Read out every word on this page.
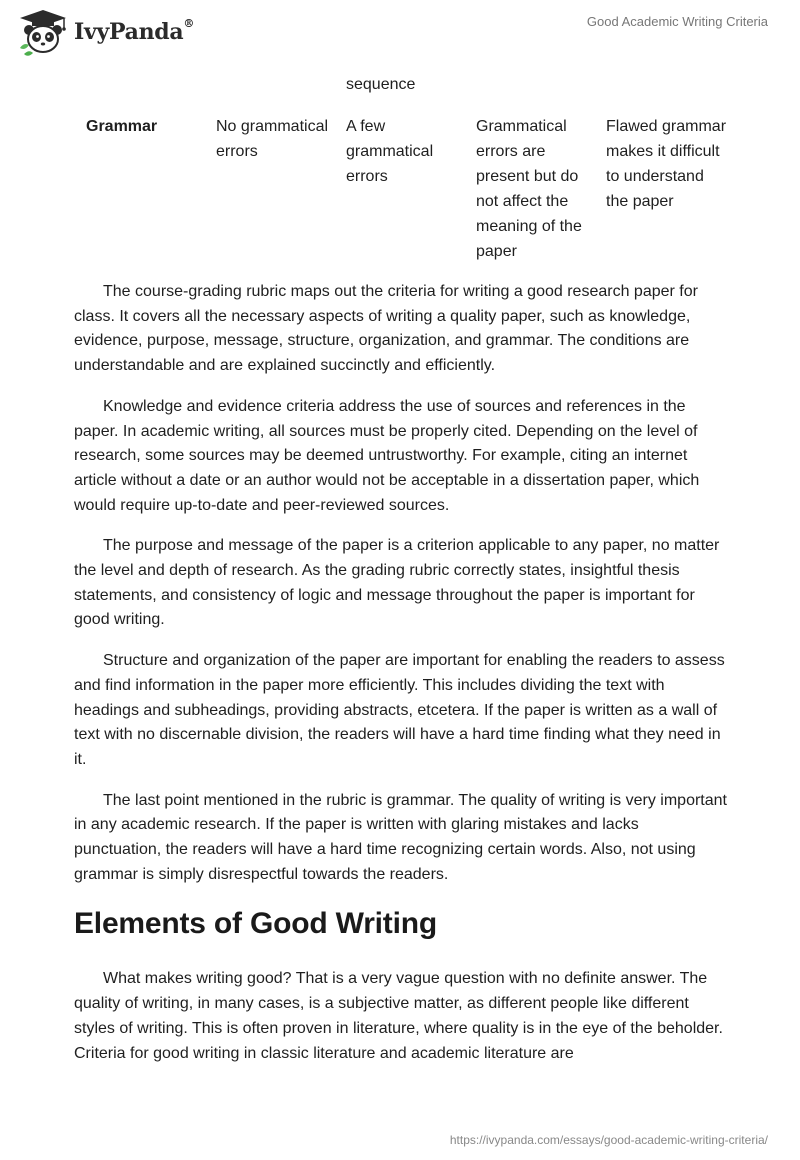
IvyPanda®	Good Academic Writing Criteria
sequence
Grammar	No grammatical errors
A few grammatical errors
Grammatical errors are present but do not affect the meaning of the paper
Flawed grammar makes it difficult to understand the paper

The course-grading rubric maps out the criteria for writing a good research paper for class. It covers all the necessary aspects of writing a quality paper, such as knowledge, evidence, purpose, message, structure, organization, and grammar. The conditions are understandable and are explained succinctly and efficiently.

Knowledge and evidence criteria address the use of sources and references in the paper. In academic writing, all sources must be properly cited. Depending on the level of research, some sources may be deemed untrustworthy. For example, citing an internet article without a date or an author would not be acceptable in a dissertation paper, which would require up-to-date and peer-reviewed sources.

The purpose and message of the paper is a criterion applicable to any paper, no matter the level and depth of research. As the grading rubric correctly states, insightful thesis statements, and consistency of logic and message throughout the paper is important for good writing.

Structure and organization of the paper are important for enabling the readers to assess and find information in the paper more efficiently. This includes dividing the text with headings and subheadings, providing abstracts, etcetera. If the paper is written as a wall of text with no discernable division, the readers will have a hard time finding what they need in it.

The last point mentioned in the rubric is grammar. The quality of writing is very important in any academic research. If the paper is written with glaring mistakes and lacks punctuation, the readers will have a hard time recognizing certain words. Also, not using grammar is simply disrespectful towards the readers.

Elements of Good Writing

What makes writing good? That is a very vague question with no definite answer. The quality of writing, in many cases, is a subjective matter, as different people like different styles of writing. This is often proven in literature, where quality is in the eye of the beholder. Criteria for good writing in classic literature and academic literature are

https://ivypanda.com/essays/good-academic-writing-criteria/
